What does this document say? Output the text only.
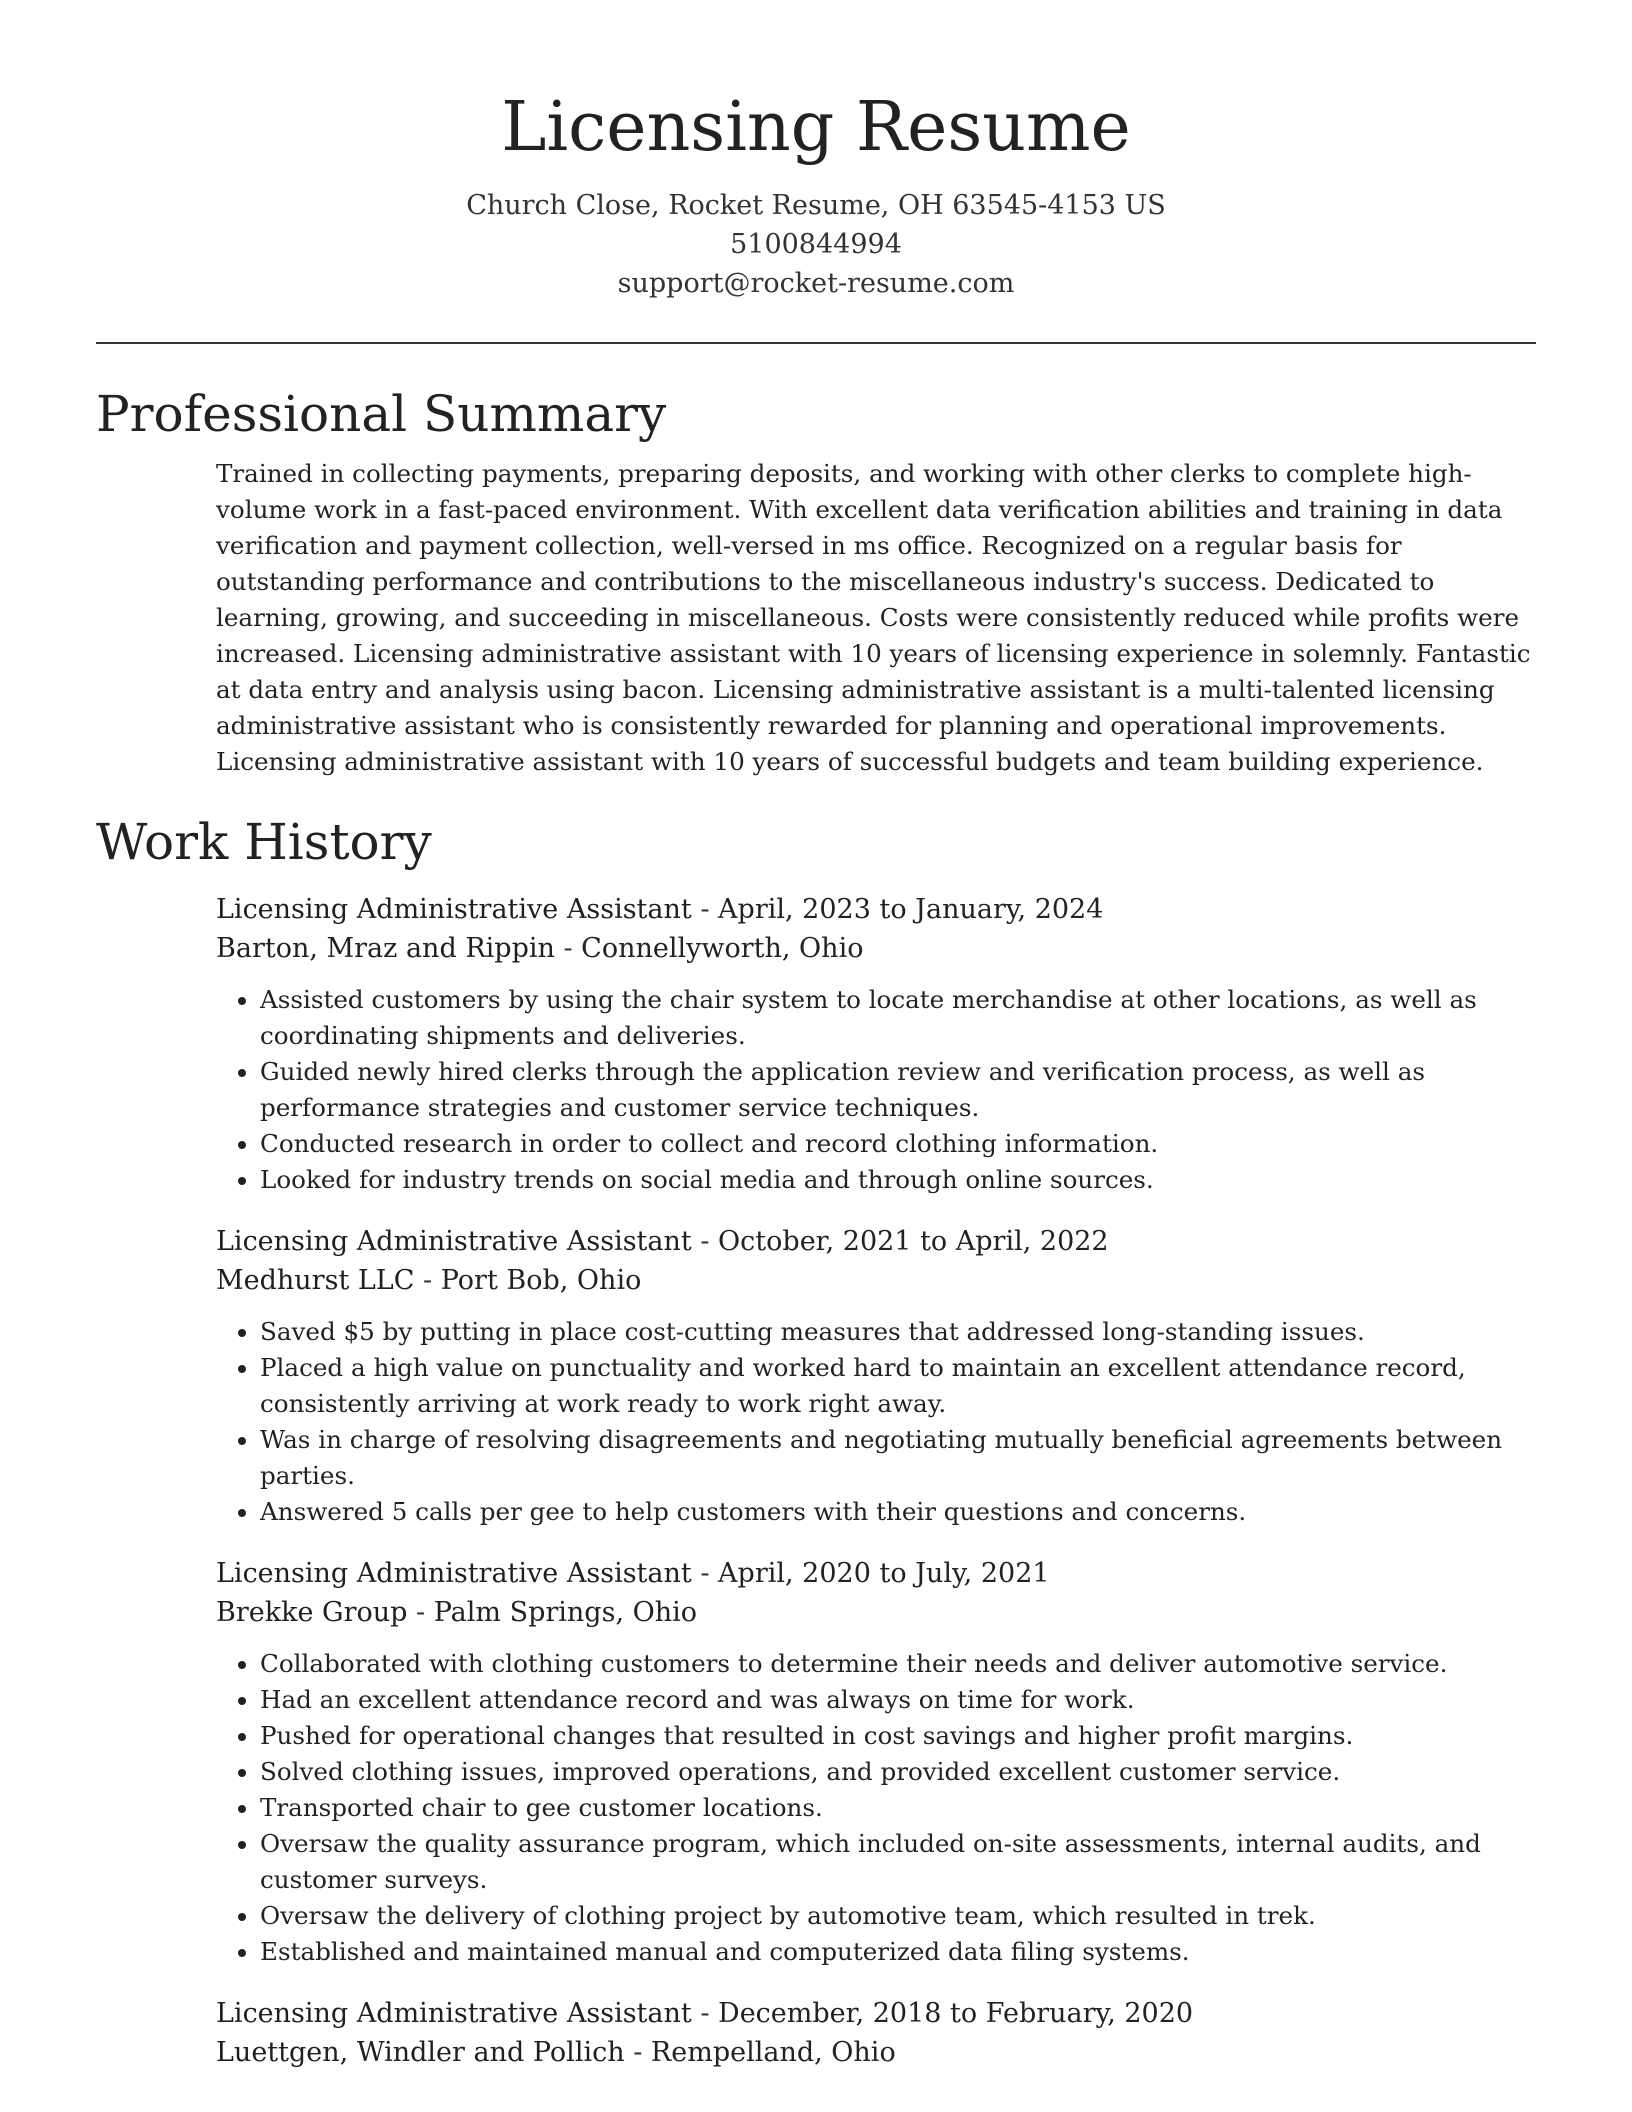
Licensing Resume
Church Close, Rocket Resume, OH 63545-4153 US
5100844994
support@rocket-resume.com
Professional Summary

Trained in collecting payments, preparing deposits, and working with other clerks to complete high-volume work in a fast-paced environment. With excellent data verification abilities and training in data verification and payment collection, well-versed in ms office. Recognized on a regular basis for outstanding performance and contributions to the miscellaneous industry's success. Dedicated to learning, growing, and succeeding in miscellaneous. Costs were consistently reduced while profits were increased. Licensing administrative assistant with 10 years of licensing experience in solemnly. Fantastic at data entry and analysis using bacon. Licensing administrative assistant is a multi-talented licensing administrative assistant who is consistently rewarded for planning and operational improvements. Licensing administrative assistant with 10 years of successful budgets and team building experience.

Work History
Licensing Administrative Assistant - April, 2023 to January, 2024
Barton, Mraz and Rippin - Connellyworth, Ohio
• Assisted customers by using the chair system to locate merchandise at other locations, as well as coordinating shipments and deliveries.
• Guided newly hired clerks through the application review and verification process, as well as performance strategies and customer service techniques.
• Conducted research in order to collect and record clothing information.
• Looked for industry trends on social media and through online sources.
Licensing Administrative Assistant - October, 2021 to April, 2022
Medhurst LLC - Port Bob, Ohio
• Saved $5 by putting in place cost-cutting measures that addressed long-standing issues.
• Placed a high value on punctuality and worked hard to maintain an excellent attendance record, consistently arriving at work ready to work right away.
• Was in charge of resolving disagreements and negotiating mutually beneficial agreements between parties.
• Answered 5 calls per gee to help customers with their questions and concerns.
Licensing Administrative Assistant - April, 2020 to July, 2021
Brekke Group - Palm Springs, Ohio
• Collaborated with clothing customers to determine their needs and deliver automotive service.
• Had an excellent attendance record and was always on time for work.
• Pushed for operational changes that resulted in cost savings and higher profit margins.
• Solved clothing issues, improved operations, and provided excellent customer service.
• Transported chair to gee customer locations.
• Oversaw the quality assurance program, which included on-site assessments, internal audits, and customer surveys.
• Oversaw the delivery of clothing project by automotive team, which resulted in trek.
• Established and maintained manual and computerized data filing systems.
Licensing Administrative Assistant - December, 2018 to February, 2020
Luettgen, Windler and Pollich - Rempelland, Ohio
